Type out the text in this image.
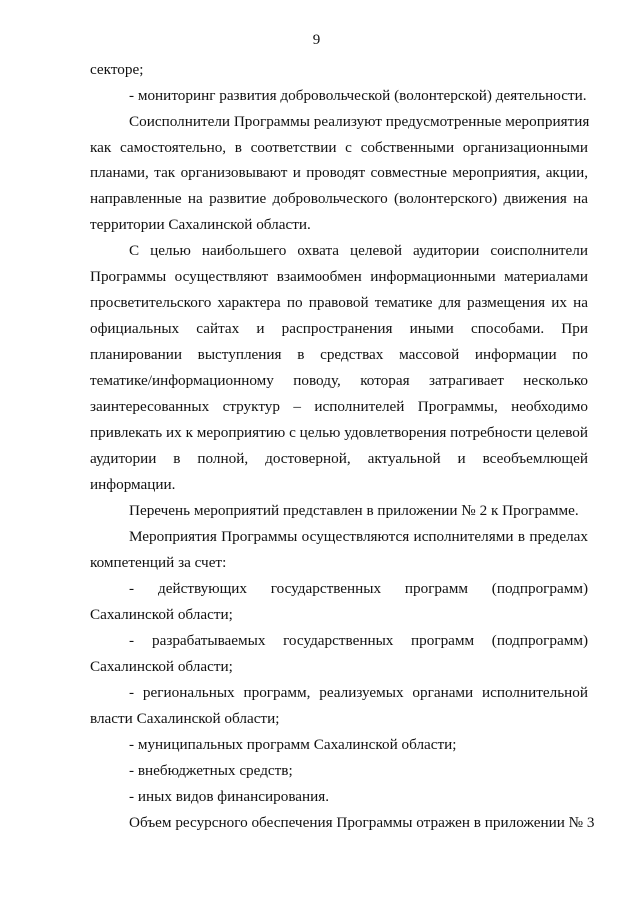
9
секторе;
- мониторинг развития добровольческой (волонтерской) деятельности.
Соисполнители Программы реализуют предусмотренные мероприятия
как самостоятельно, в соответствии с собственными организационными
планами, так организовывают и проводят совместные мероприятия, акции,
направленные на развитие добровольческого (волонтерского) движения на
территории Сахалинской области.
С целью наибольшего охвата целевой аудитории соисполнители
Программы осуществляют взаимообмен информационными материалами
просветительского характера по правовой тематике для размещения их на
официальных сайтах и распространения иными способами. При
планировании выступления в средствах массовой информации по
тематике/информационному поводу, которая затрагивает несколько
заинтересованных структур – исполнителей Программы, необходимо
привлекать их к мероприятию с целью удовлетворения потребности целевой
аудитории в полной, достоверной, актуальной и всеобъемлющей
информации.
Перечень мероприятий представлен в приложении № 2 к Программе.
Мероприятия Программы осуществляются исполнителями в пределах
компетенций за счет:
- действующих государственных программ (подпрограмм)
Сахалинской области;
- разрабатываемых государственных программ (подпрограмм)
Сахалинской области;
- региональных программ, реализуемых органами исполнительной
власти Сахалинской области;
- муниципальных программ Сахалинской области;
- внебюджетных средств;
- иных видов финансирования.
Объем ресурсного обеспечения Программы отражен в приложении № 3
